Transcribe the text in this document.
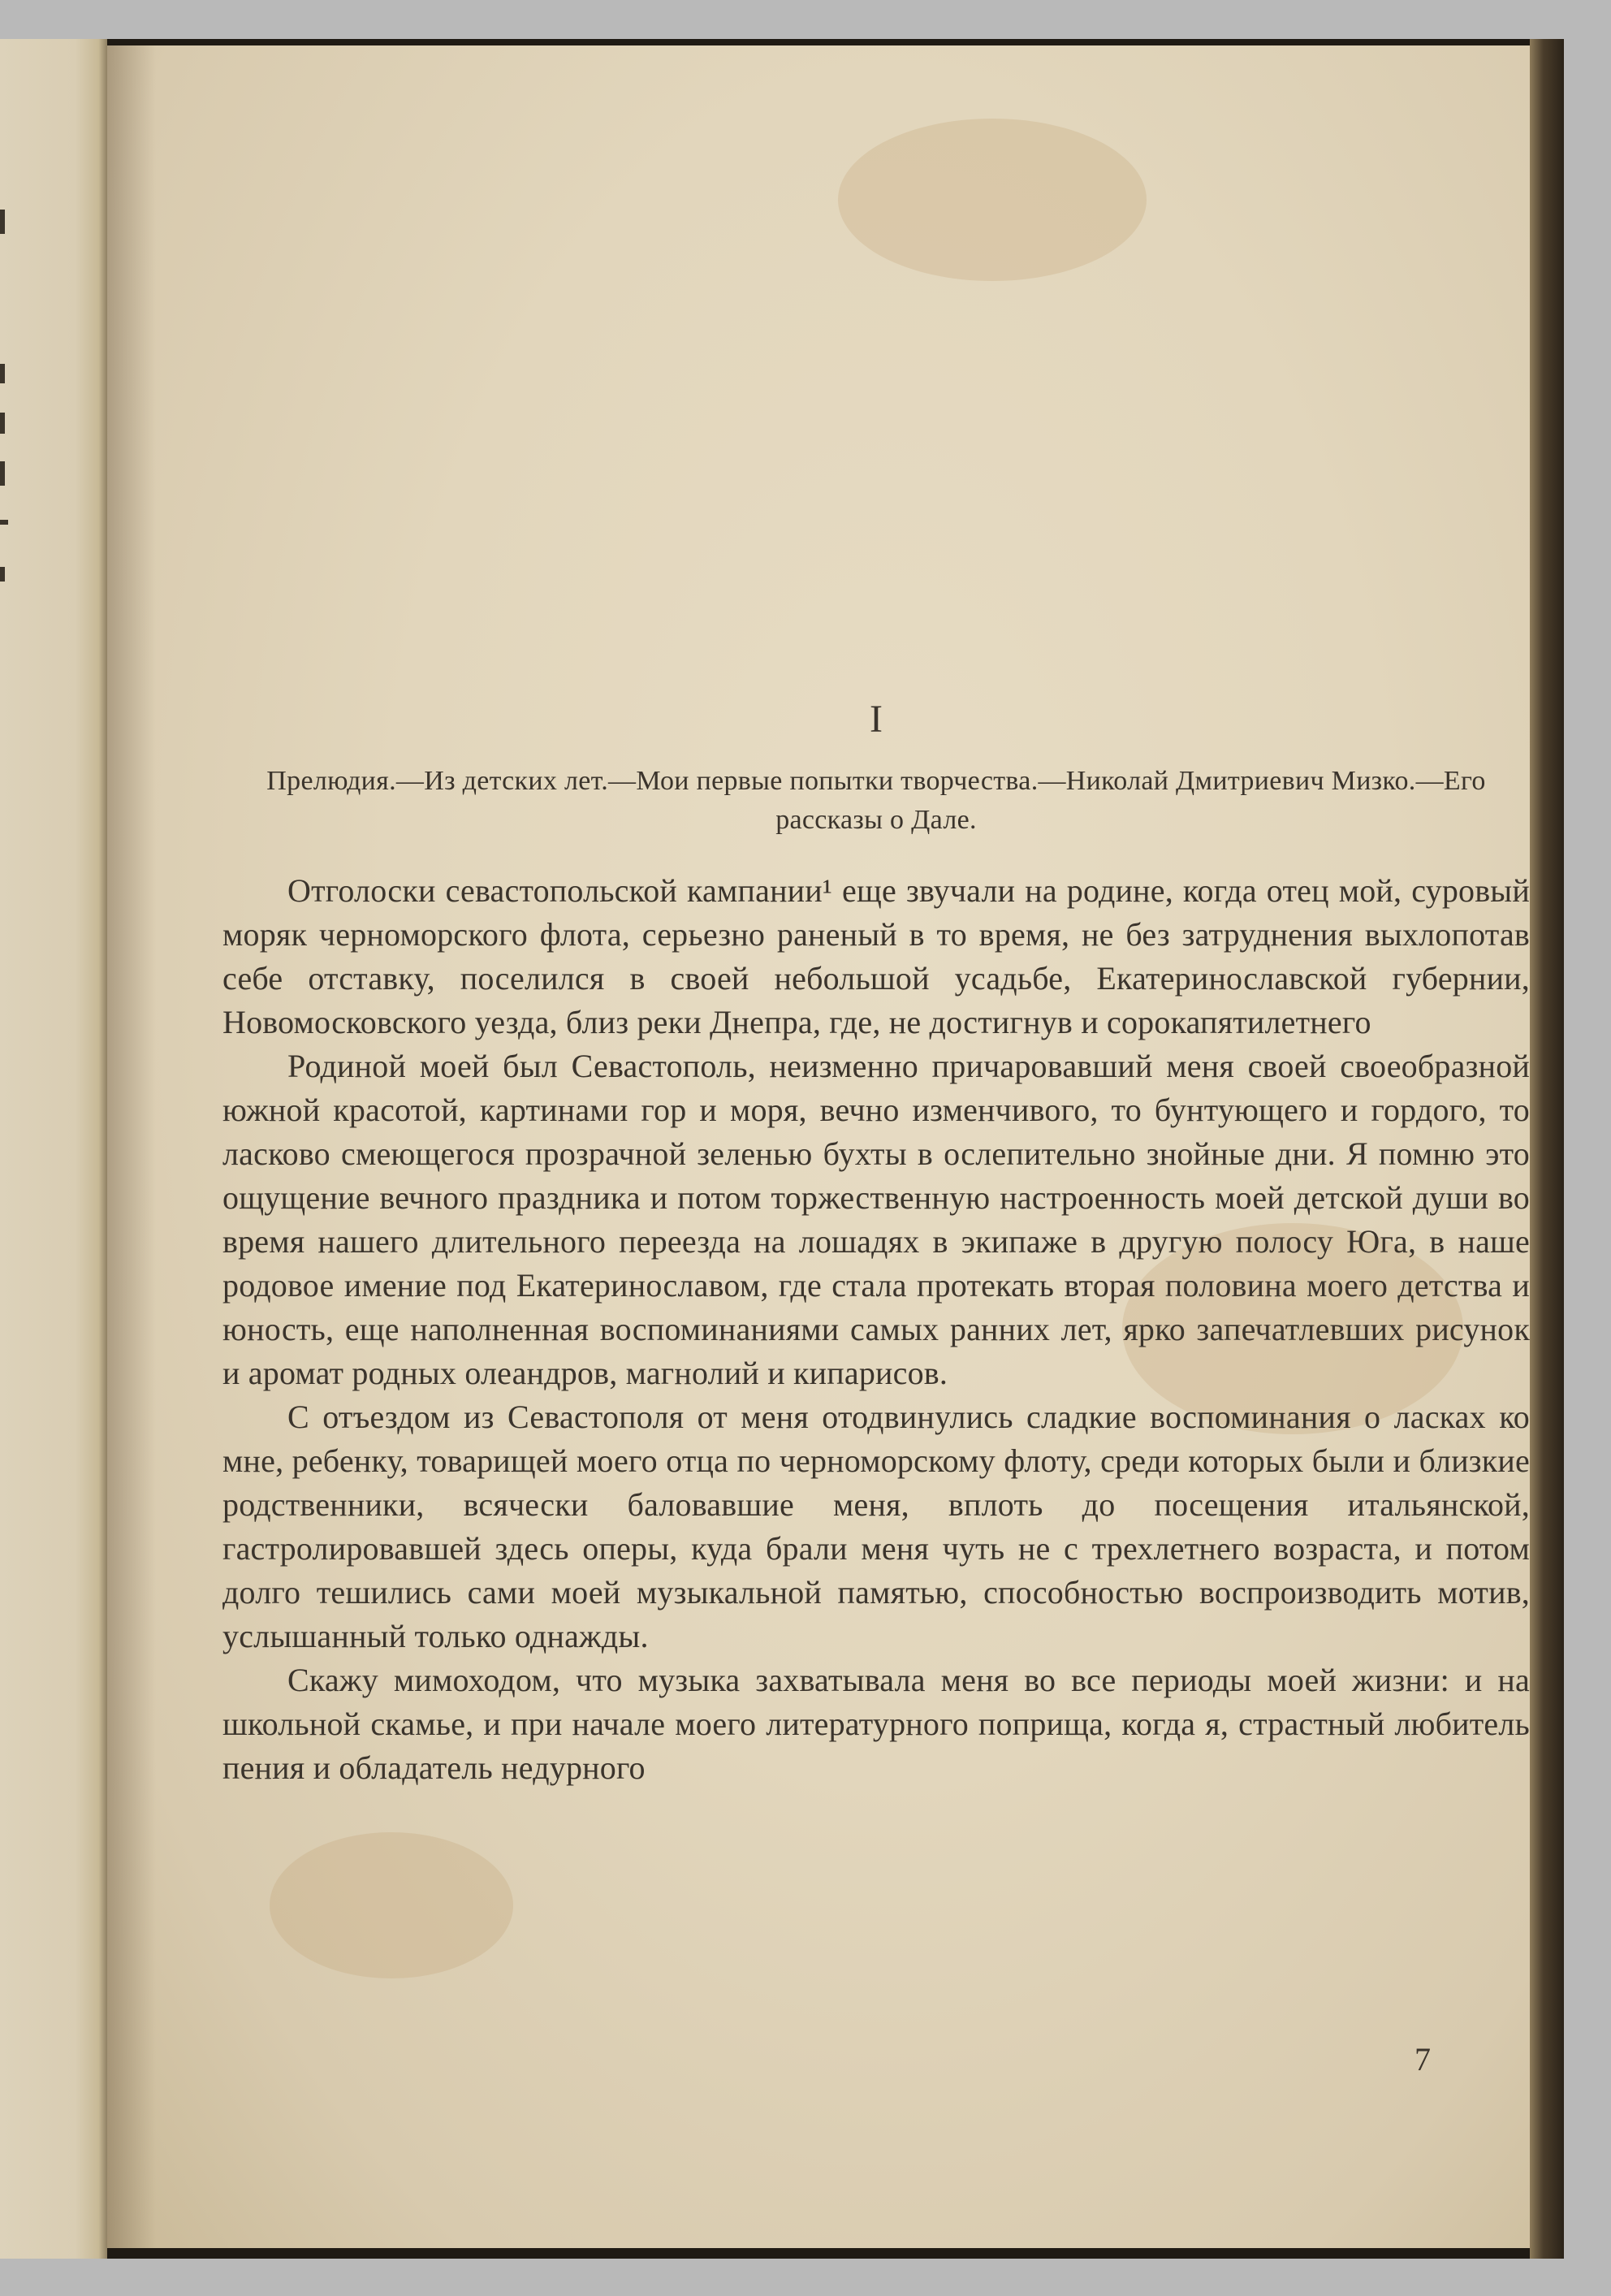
I
Прелюдия.—Из детских лет.—Мои первые попытки творчества.—Николай Дмитриевич Мизко.—Его рассказы о Дале.

Отголоски севастопольской кампании¹ еще звучали на родине, когда отец мой, суровый моряк черноморского флота, серьезно раненый в то время, не без затруднения выхлопотав себе отставку, поселился в своей небольшой усадьбе, Екатеринославской губернии, Новомосковского уезда, близ реки Днепра, где, не достигнув и сорокапятилетнего

Родиной моей был Севастополь, неизменно причаровавший меня своей своеобразной южной красотой, картинами гор и моря, вечно изменчивого, то бунтующего и гордого, то ласково смеющегося прозрачной зеленью бухты в ослепительно знойные дни. Я помню это ощущение вечного праздника и потом торжественную настроенность моей детской души во время нашего длительного переезда на лошадях в экипаже в другую полосу Юга, в наше родовое имение под Екатеринославом, где стала протекать вторая половина моего детства и юность, еще наполненная воспоминаниями самых ранних лет, ярко запечатлевших рисунок и аромат родных олеандров, магнолий и кипарисов.

С отъездом из Севастополя от меня отодвинулись сладкие воспоминания о ласках ко мне, ребенку, товарищей моего отца по черноморскому флоту, среди которых были и близкие родственники, всячески баловавшие меня, вплоть до посещения итальянской, гастролировавшей здесь оперы, куда брали меня чуть не с трехлетнего возраста, и потом долго тешились сами моей музыкальной памятью, способностью воспроизводить мотив, услышанный только однажды.

Скажу мимоходом, что музыка захватывала меня во все периоды моей жизни: и на школьной скамье, и при начале моего литературного поприща, когда я, страстный любитель пения и обладатель недурного

7
